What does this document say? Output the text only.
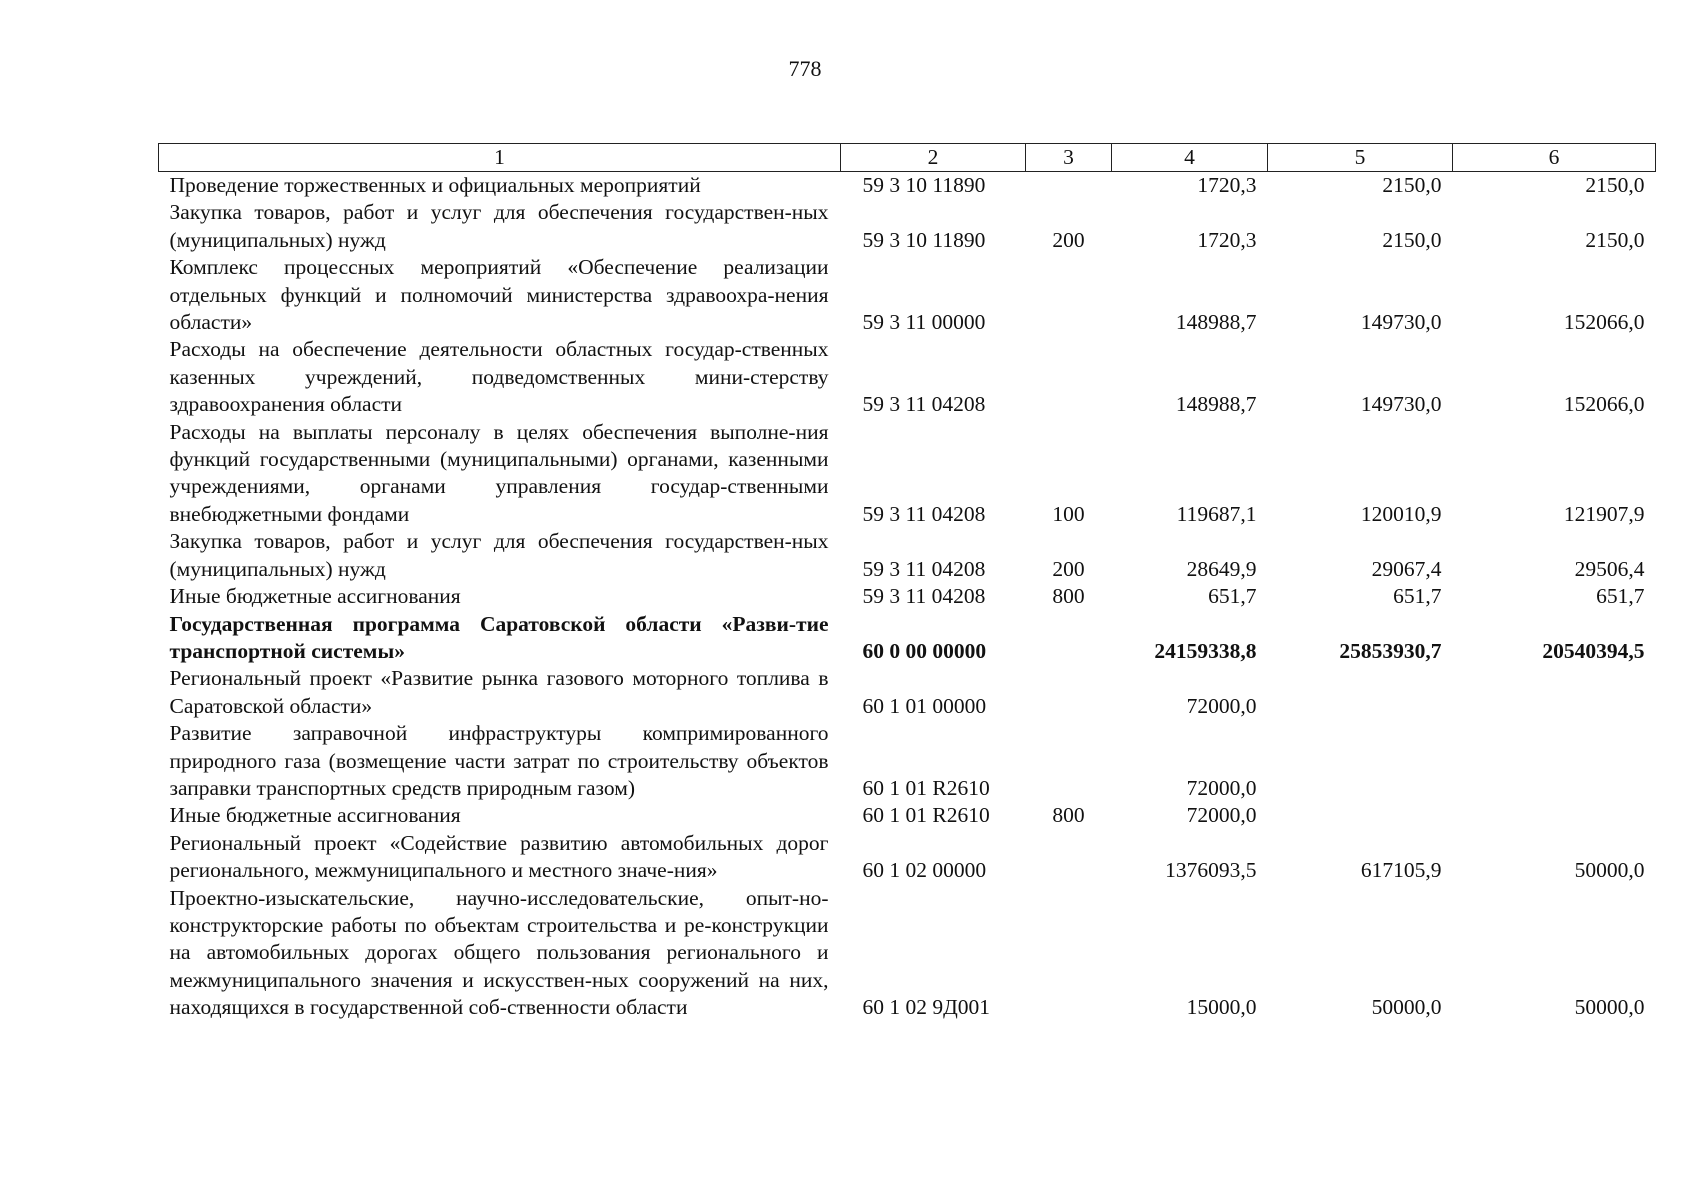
778
1	2	3	4	5	6
Проведение торжественных и официальных мероприятий	59 3 10 11890		1720,3	2150,0	2150,0
Закупка товаров, работ и услуг для обеспечения государствен-ных (муниципальных) нужд	59 3 10 11890	200	1720,3	2150,0	2150,0
Комплекс процессных мероприятий «Обеспечение реализации отдельных функций и полномочий министерства здравоохра-нения области»	59 3 11 00000		148988,7	149730,0	152066,0
Расходы на обеспечение деятельности областных государ-ственных казенных учреждений, подведомственных мини-стерству здравоохранения области	59 3 11 04208		148988,7	149730,0	152066,0
Расходы на выплаты персоналу в целях обеспечения выполне-ния функций государственными (муниципальными) органами, казенными учреждениями, органами управления государ-ственными внебюджетными фондами	59 3 11 04208	100	119687,1	120010,9	121907,9
Закупка товаров, работ и услуг для обеспечения государствен-ных (муниципальных) нужд	59 3 11 04208	200	28649,9	29067,4	29506,4
Иные бюджетные ассигнования	59 3 11 04208	800	651,7	651,7	651,7
Государственная программа Саратовской области «Разви-тие транспортной системы»	60 0 00 00000		24159338,8	25853930,7	20540394,5
Региональный проект «Развитие рынка газового моторного топлива в Саратовской области»	60 1 01 00000		72000,0		
Развитие заправочной инфраструктуры компримированного природного газа (возмещение части затрат по строительству объектов заправки транспортных средств природным газом)	60 1 01 R2610		72000,0		
Иные бюджетные ассигнования	60 1 01 R2610	800	72000,0		
Региональный проект «Содействие развитию автомобильных дорог регионального, межмуниципального и местного значе-ния»	60 1 02 00000		1376093,5	617105,9	50000,0
Проектно-изыскательские, научно-исследовательские, опыт-но-конструкторские работы по объектам строительства и ре-конструкции на автомобильных дорогах общего пользования регионального и межмуниципального значения и искусствен-ных сооружений на них, находящихся в государственной соб-ственности области	60 1 02 9Д001		15000,0	50000,0	50000,0
